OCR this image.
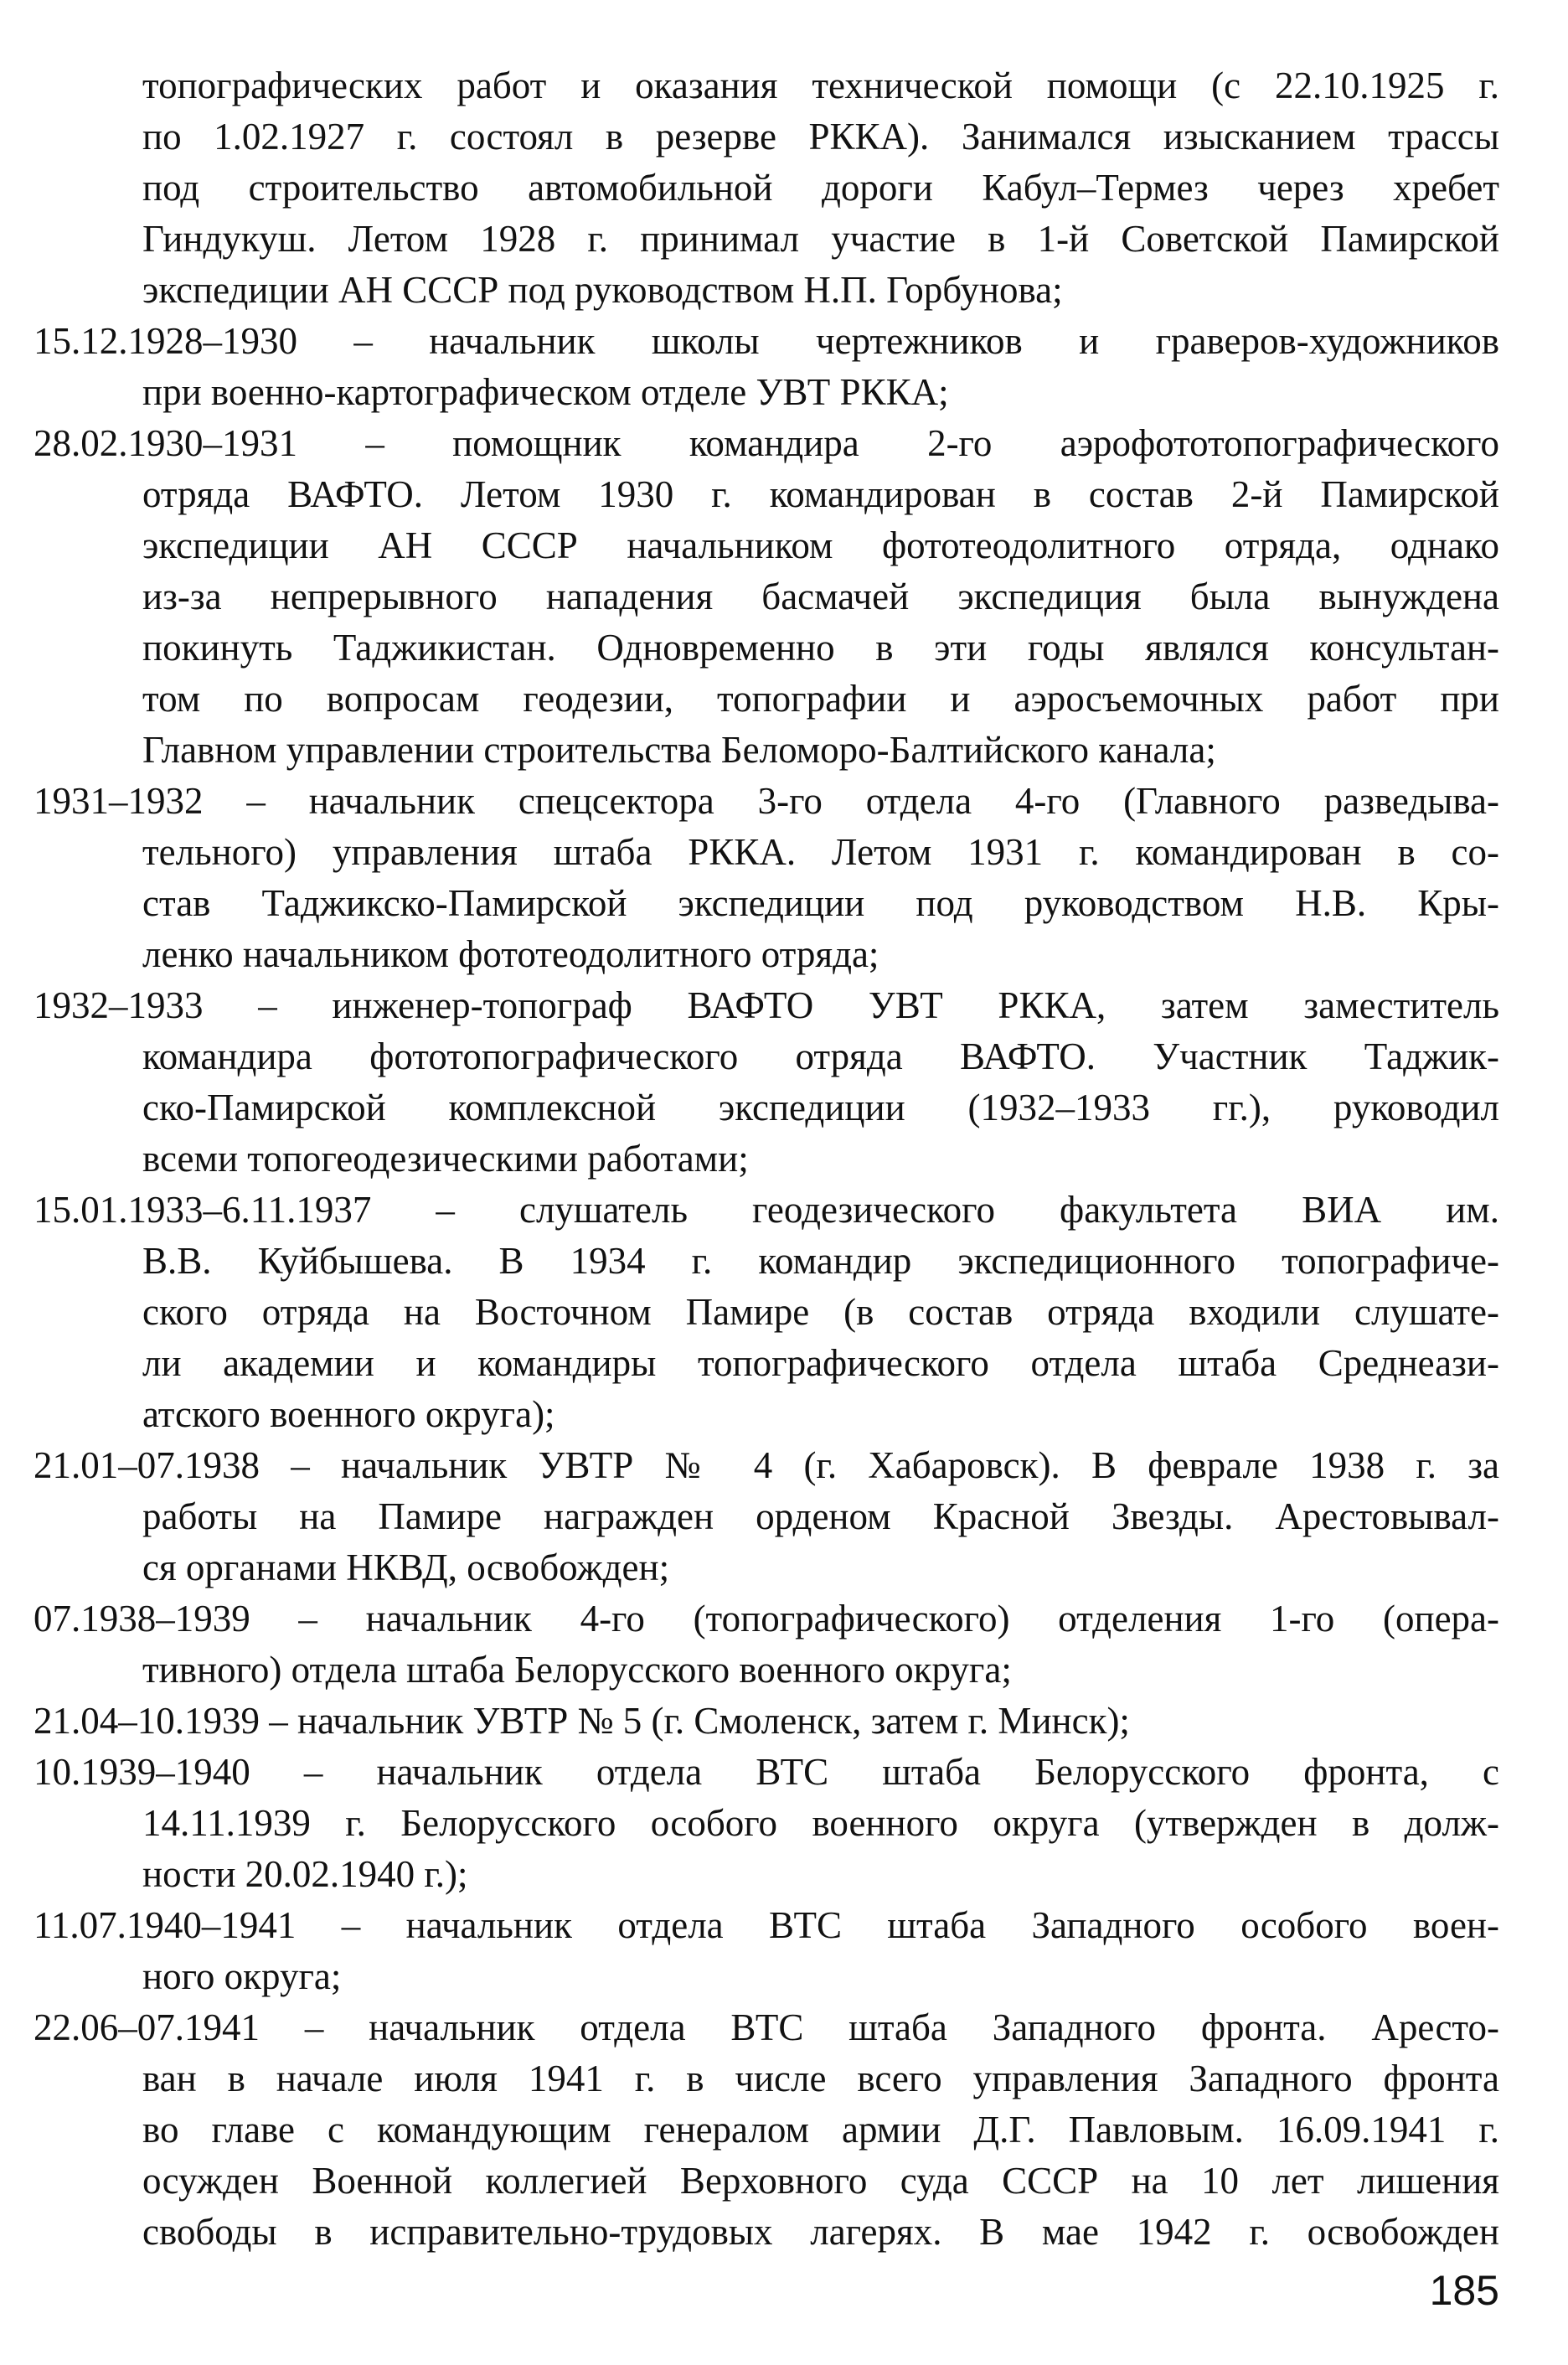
топографических работ и оказания технической помощи (с 22.10.1925 г.
по 1.02.1927 г. состоял в резерве РККА). Занимался изысканием трассы
под строительство автомобильной дороги Кабул–Термез через хребет
Гиндукуш. Летом 1928 г. принимал участие в 1-й Советской Памирской
экспедиции АН СССР под руководством Н.П. Горбунова;
15.12.1928–1930 – начальник школы чертежников и граверов-художников
при военно-картографическом отделе УВТ РККА;
28.02.1930–1931 – помощник командира 2-го аэрофототопографического
отряда ВАФТО. Летом 1930 г. командирован в состав 2-й Памирской
экспедиции АН СССР начальником фототеодолитного отряда, однако
из-за непрерывного нападения басмачей экспедиция была вынуждена
покинуть Таджикистан. Одновременно в эти годы являлся консультан-
том по вопросам геодезии, топографии и аэросъемочных работ при
Главном управлении строительства Беломоро-Балтийского канала;
1931–1932 – начальник спецсектора 3-го отдела 4-го (Главного разведыва-
тельного) управления штаба РККА. Летом 1931 г. командирован в со-
став Таджикско-Памирской экспедиции под руководством Н.В. Кры-
ленко начальником фототеодолитного отряда;
1932–1933 – инженер-топограф ВАФТО УВТ РККА, затем заместитель
командира фототопографического отряда ВАФТО. Участник Таджик-
ско-Памирской комплексной экспедиции (1932–1933 гг.), руководил
всеми топогеодезическими работами;
15.01.1933–6.11.1937 – слушатель геодезического факультета ВИА им.
В.В. Куйбышева. В 1934 г. командир экспедиционного топографиче-
ского отряда на Восточном Памире (в состав отряда входили слушате-
ли академии и командиры топографического отдела штаба Среднеази-
атского военного округа);
21.01–07.1938 – начальник УВТР № 4 (г. Хабаровск). В феврале 1938 г. за
работы на Памире награжден орденом Красной Звезды. Арестовывал-
ся органами НКВД, освобожден;
07.1938–1939 – начальник 4-го (топографического) отделения 1-го (опера-
тивного) отдела штаба Белорусского военного округа;
21.04–10.1939 – начальник УВТР № 5 (г. Смоленск, затем г. Минск);
10.1939–1940 – начальник отдела ВТС штаба Белорусского фронта, с
14.11.1939 г. Белорусского особого военного округа (утвержден в долж-
ности 20.02.1940 г.);
11.07.1940–1941 – начальник отдела ВТС штаба Западного особого воен-
ного округа;
22.06–07.1941 – начальник отдела ВТС штаба Западного фронта. Аресто-
ван в начале июля 1941 г. в числе всего управления Западного фронта
во главе с командующим генералом армии Д.Г. Павловым. 16.09.1941 г.
осужден Военной коллегией Верховного суда СССР на 10 лет лишения
свободы в исправительно-трудовых лагерях. В мае 1942 г. освобожден
185
